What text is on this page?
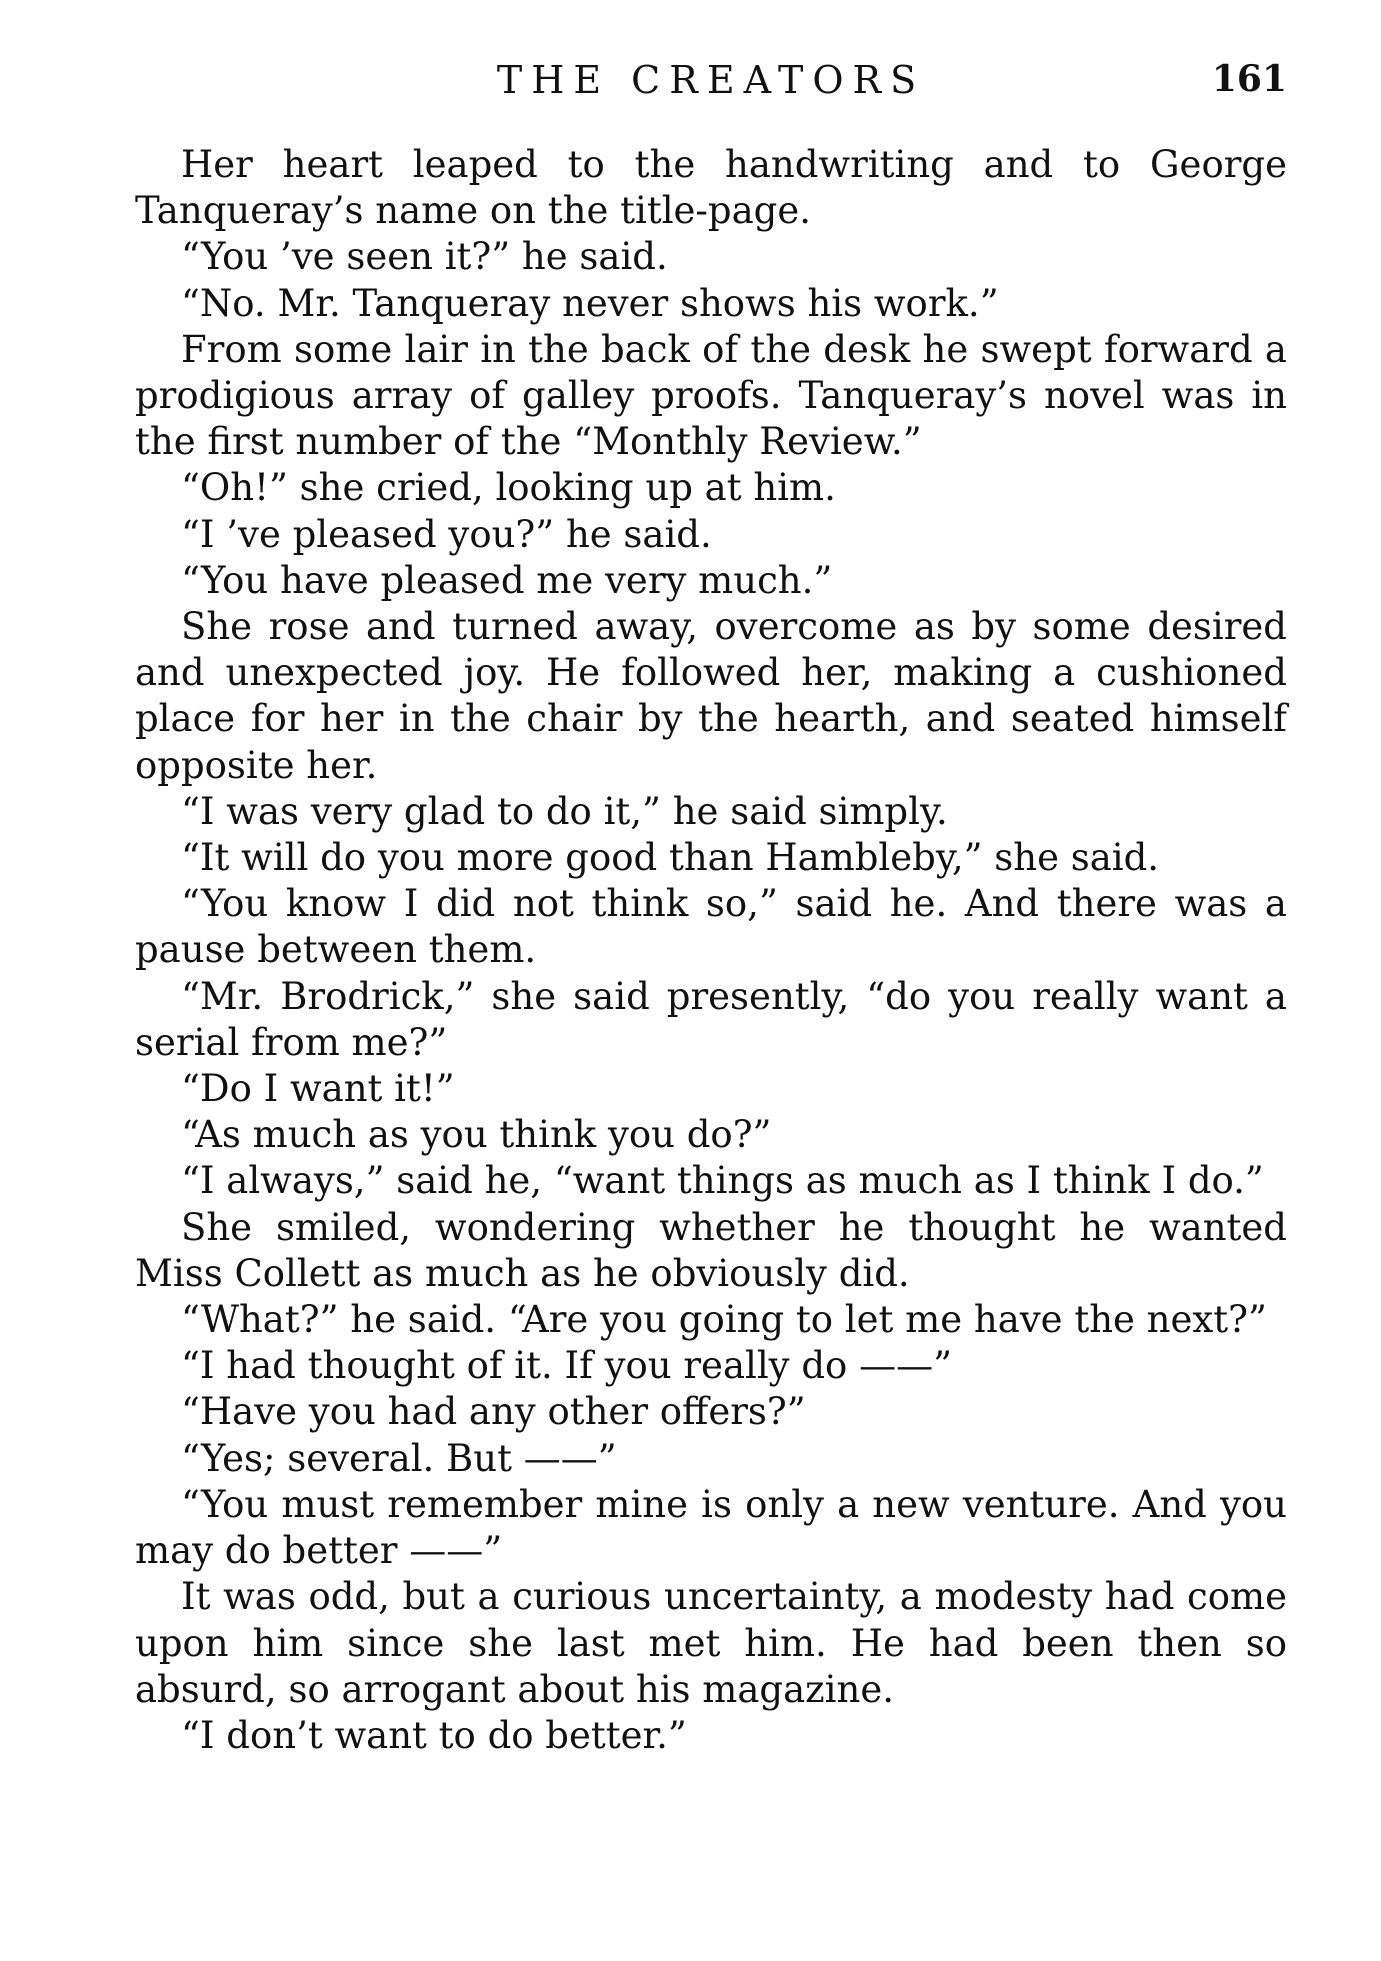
THE CREATORS	161

Her heart leaped to the handwriting and to George Tanqueray’s name on the title-page.

“You ’ve seen it?” he said.

“No. Mr. Tanqueray never shows his work.”

From some lair in the back of the desk he swept forward a prodigious array of galley proofs. Tanqueray’s novel was in the first number of the “Monthly Review.”

“Oh!” she cried, looking up at him.

“I ’ve pleased you?” he said.

“You have pleased me very much.”

She rose and turned away, overcome as by some desired and unexpected joy. He followed her, making a cushioned place for her in the chair by the hearth, and seated himself opposite her.

“I was very glad to do it,” he said simply.

“It will do you more good than Hambleby,” she said.

“You know I did not think so,” said he. And there was a pause between them.

“Mr. Brodrick,” she said presently, “do you really want a serial from me?”

“Do I want it!”

“As much as you think you do?”

“I always,” said he, “want things as much as I think I do.”

She smiled, wondering whether he thought he wanted Miss Collett as much as he obviously did.

“What?” he said. “Are you going to let me have the next?”

“I had thought of it. If you really do ——”

“Have you had any other offers?”

“Yes; several. But ——”

“You must remember mine is only a new venture. And you may do better ——”

It was odd, but a curious uncertainty, a modesty had come upon him since she last met him. He had been then so absurd, so arrogant about his magazine.

“I don’t want to do better.”
